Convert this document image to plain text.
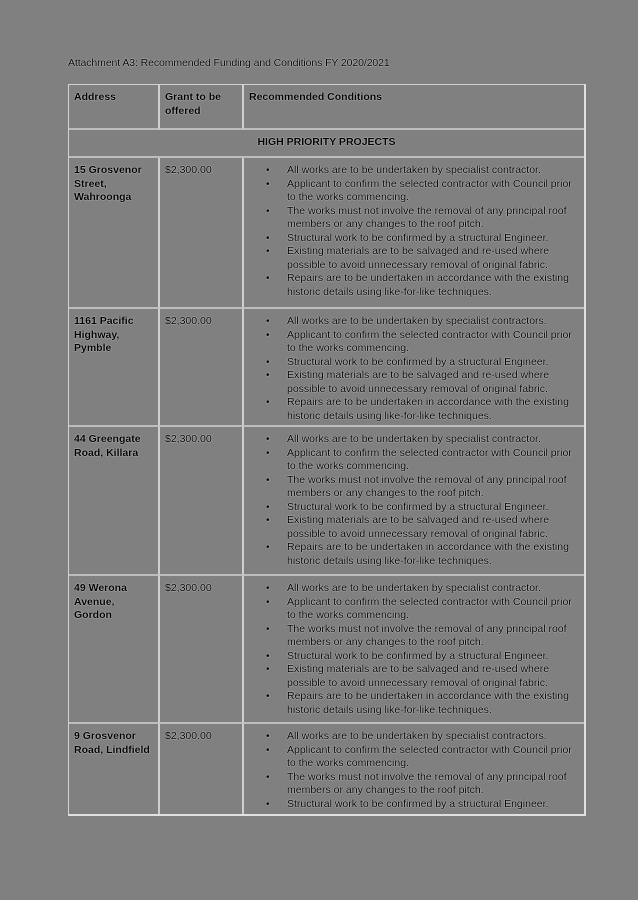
Attachment A3: Recommended Funding and Conditions FY 2020/2021
Address	Grant to be offered	Recommended Conditions
HIGH PRIORITY PROJECTS		
15 Grosvenor Street, Wahroonga	$2,300.00	
•All works are to be undertaken by specialist contractor.
• Applicant to confirm the selected contractor with Council prior to the works commencing.
• The works must not involve the removal of any principal roof members or any changes to the roof pitch.
• Structural work to be confirmed by a structural Engineer.
• Existing materials are to be salvaged and re-used where possible to avoid unnecessary removal of original fabric.
• Repairs are to be undertaken in accordance with the existing historic details using like-for-like techniques.

1161 Pacific Highway, Pymble	$2,300.00	
•All works are to be undertaken by specialist contractors.
• Applicant to confirm the selected contractor with Council prior to the works commencing.
• Structural work to be confirmed by a structural Engineer.
• Existing materials are to be salvaged and re-used where possible to avoid unnecessary removal of original fabric.
• Repairs are to be undertaken in accordance with the existing historic details using like-for-like techniques.

44 Greengate Road, Killara	$2,300.00	
•All works are to be undertaken by specialist contractor.
• Applicant to confirm the selected contractor with Council prior to the works commencing.
• The works must not involve the removal of any principal roof members or any changes to the roof pitch.
• Structural work to be confirmed by a structural Engineer.
• Existing materials are to be salvaged and re-used where possible to avoid unnecessary removal of original fabric.
• Repairs are to be undertaken in accordance with the existing historic details using like-for-like techniques.

49 Werona Avenue, Gordon	$2,300.00	
•All works are to be undertaken by specialist contractor.
• Applicant to confirm the selected contractor with Council prior to the works commencing.
• The works must not involve the removal of any principal roof members or any changes to the roof pitch.
• Structural work to be confirmed by a structural Engineer.
• Existing materials are to be salvaged and re-used where possible to avoid unnecessary removal of original fabric.
• Repairs are to be undertaken in accordance with the existing historic details using like-for-like techniques.

9 Grosvenor Road, Lindfield	$2,300.00	
•All works are to be undertaken by specialist contractors.
• Applicant to confirm the selected contractor with Council prior to the works commencing.
• The works must not involve the removal of any principal roof members or any changes to the roof pitch.
• Structural work to be confirmed by a structural Engineer.
